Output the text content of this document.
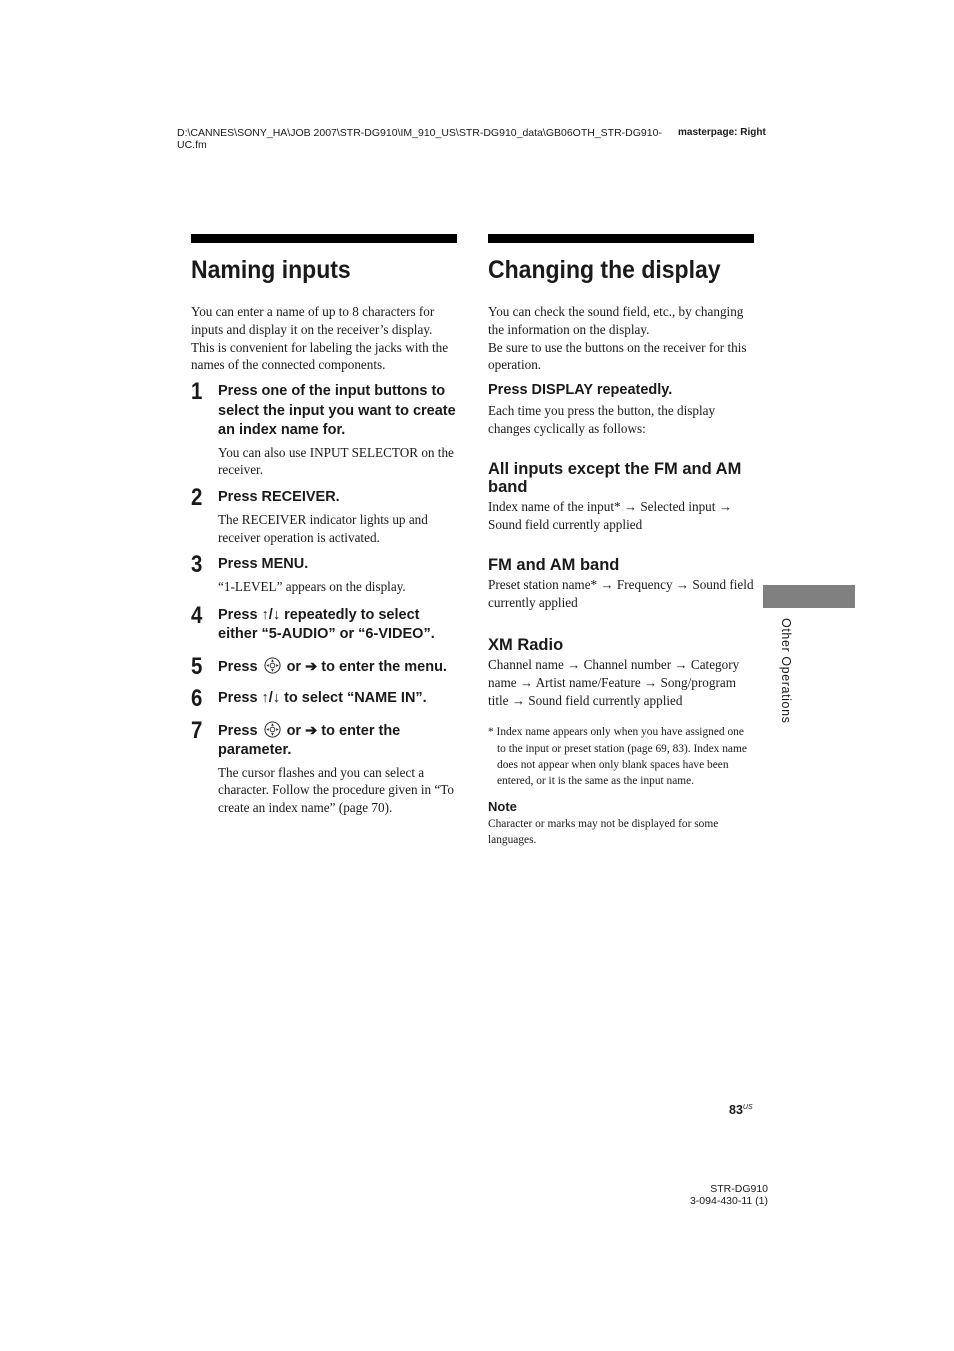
D:\CANNES\SONY_HA\JOB 2007\STR-DG910\IM_910_US\STR-DG910_data\GB06OTH_STR-DG910-UC.fm
masterpage: Right
Naming inputs

You can enter a name of up to 8 characters for inputs and display it on the receiver’s display. This is convenient for labeling the jacks with the names of the connected components.

1 Press one of the input buttons to select the input you want to create an index name for.

You can also use INPUT SELECTOR on the receiver.

2 Press RECEIVER.

The RECEIVER indicator lights up and receiver operation is activated.

3 Press MENU.

“1-LEVEL” appears on the display.

4 Press ↑/↓ repeatedly to select either “5-AUDIO” or “6-VIDEO”.

5 Press or ➔ to enter the menu.

6 Press ↑/↓ to select “NAME IN”.

7 Press or ➔ to enter the parameter.

The cursor flashes and you can select a character. Follow the procedure given in “To create an index name” (page 70).

Changing the display

You can check the sound field, etc., by changing the information on the display.

Be sure to use the buttons on the receiver for this operation.

Press DISPLAY repeatedly.

Each time you press the button, the display changes cyclically as follows:

All inputs except the FM and AM band

Index name of the input* → Selected input → Sound field currently applied

FM and AM band

Preset station name* → Frequency → Sound field currently applied

XM Radio

Channel name → Channel number → Category name → Artist name/Feature → Song/program title → Sound field currently applied

* Index name appears only when you have assigned one to the input or preset station (page 69, 83). Index name does not appear when only blank spaces have been entered, or it is the same as the input name.

Note

Character or marks may not be displayed for some languages.

Other Operations
$83^{US}$
STR-DG910
3-094-430-11 (1)
